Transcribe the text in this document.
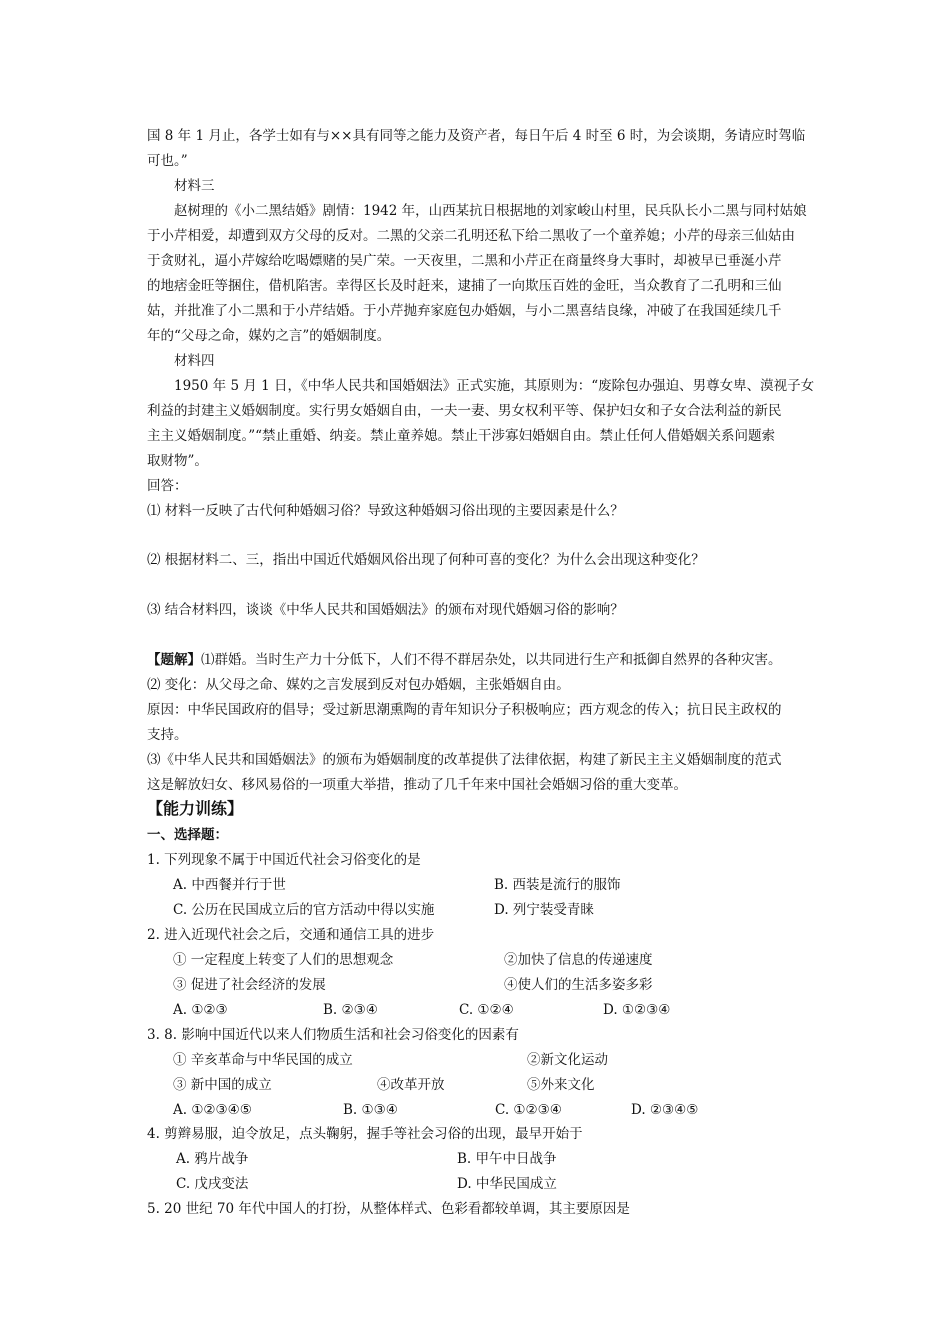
国 8 年 1 月止，各学士如有与××具有同等之能力及资产者，每日午后 4 时至 6 时，为会谈期，务请应时驾临
可也。”
材料三
赵树理的《小二黑结婚》剧情：1942 年，山西某抗日根据地的刘家峻山村里，民兵队长小二黑与同村姑娘
于小芹相爱，却遭到双方父母的反对。二黑的父亲二孔明还私下给二黑收了一个童养媳；小芹的母亲三仙姑由
于贪财礼，逼小芹嫁给吃喝嫖赌的吴广荣。一天夜里，二黑和小芹正在商量终身大事时，却被早已垂涎小芹
的地痞金旺等捆住，借机陷害。幸得区长及时赶来，逮捕了一向欺压百姓的金旺，当众教育了二孔明和三仙
姑，并批准了小二黑和于小芹结婚。于小芹抛弃家庭包办婚姻，与小二黑喜结良缘，冲破了在我国延续几千
年的“父母之命，媒妁之言”的婚姻制度。
材料四
1950 年 5 月 1 日，《中华人民共和国婚姻法》正式实施，其原则为：“废除包办强迫、男尊女卑、漠视子女
利益的封建主义婚姻制度。实行男女婚姻自由，一夫一妻、男女权利平等、保护妇女和子女合法利益的新民
主主义婚姻制度。”“禁止重婚、纳妾。禁止童养媳。禁止干涉寡妇婚姻自由。禁止任何人借婚姻关系问题索
取财物”。
回答：
⑴ 材料一反映了古代何种婚姻习俗？导致这种婚姻习俗出现的主要因素是什么？
⑵ 根据材料二、三，指出中国近代婚姻风俗出现了何种可喜的变化？为什么会出现这种变化？
⑶ 结合材料四，谈谈《中华人民共和国婚姻法》的颁布对现代婚姻习俗的影响？
【题解】⑴群婚。当时生产力十分低下，人们不得不群居杂处，以共同进行生产和抵御自然界的各种灾害。
⑵ 变化：从父母之命、媒妁之言发展到反对包办婚姻，主张婚姻自由。
原因：中华民国政府的倡导；受过新思潮熏陶的青年知识分子积极响应；西方观念的传入；抗日民主政权的
支持。
⑶《中华人民共和国婚姻法》的颁布为婚姻制度的改革提供了法律依据，构建了新民主主义婚姻制度的范式
这是解放妇女、移风易俗的一项重大举措，推动了几千年来中国社会婚姻习俗的重大变革。
【能力训练】
一、选择题：
1. 下列现象不属于中国近代社会习俗变化的是
A. 中西餐并行于世	B. 西装是流行的服饰
C. 公历在民国成立后的官方活动中得以实施	D. 列宁装受青睐
2. 进入近现代社会之后，交通和通信工具的进步
① 一定程度上转变了人们的思想观念	②加快了信息的传递速度
③ 促进了社会经济的发展	④使人们的生活多姿多彩
A. ①②③	B. ②③④	C. ①②④	D. ①②③④
3. 8. 影响中国近代以来人们物质生活和社会习俗变化的因素有
① 辛亥革命与中华民国的成立	②新文化运动
③ 新中国的成立	④改革开放	⑤外来文化
A. ①②③④⑤	B. ①③④	C. ①②③④	D. ②③④⑤
4. 剪辫易服，迫令放足，点头鞠躬，握手等社会习俗的出现，最早开始于
A. 鸦片战争	B. 甲午中日战争
C. 戊戌变法	D. 中华民国成立
5. 20 世纪 70 年代中国人的打扮，从整体样式、色彩看都较单调，其主要原因是
